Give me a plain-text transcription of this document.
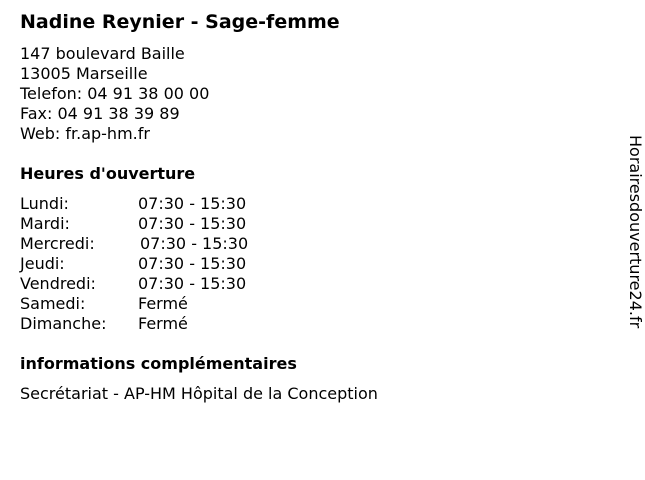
Nadine Reynier - Sage-femme
147 boulevard Baille
13005 Marseille
Telefon: 04 91 38 00 00
Fax: 04 91 38 39 89
Web: fr.ap-hm.fr
Heures d'ouverture
Lundi:	07:30 - 15:30
Mardi:	07:30 - 15:30
Mercredi:	07:30 - 15:30
Jeudi:	07:30 - 15:30
Vendredi:	07:30 - 15:30
Samedi:	Fermé
Dimanche: Fermé
informations complémentaires
Secrétariat - AP-HM Hôpital de la Conception
Horairesdouverture24.fr
